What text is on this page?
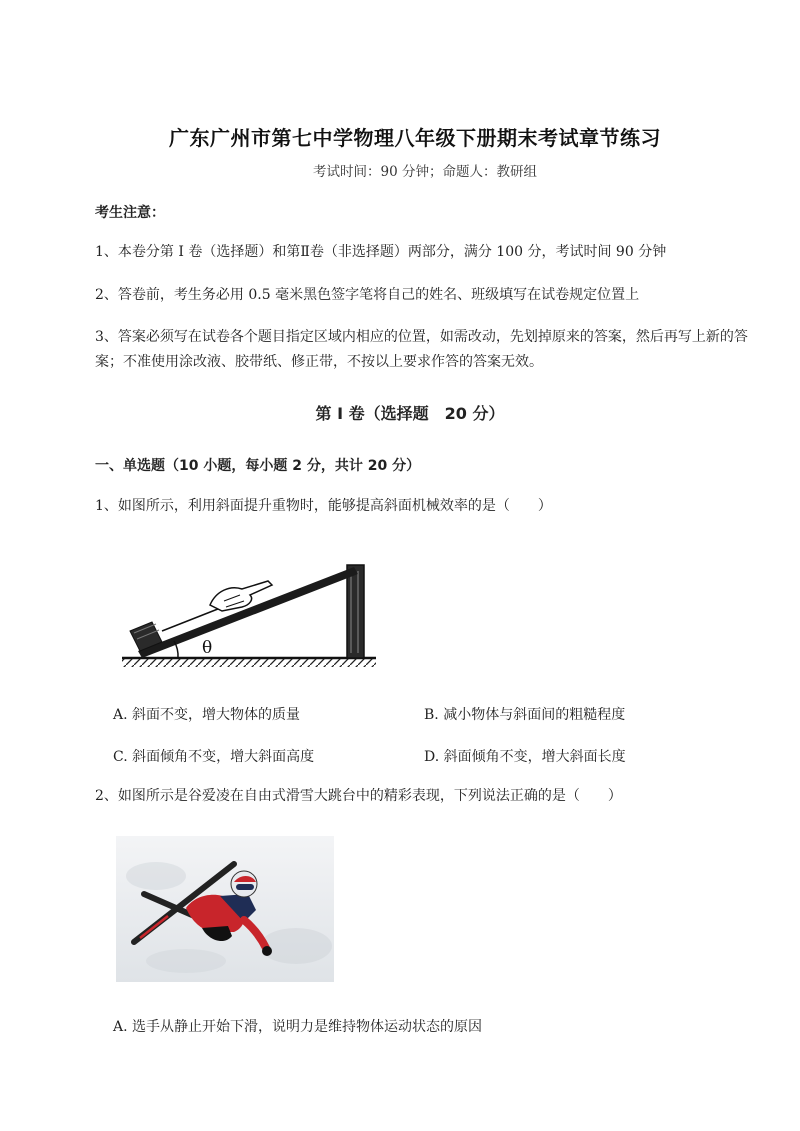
广东广州市第七中学物理八年级下册期末考试章节练习
考试时间：90 分钟；命题人：教研组
考生注意：
1、本卷分第 I 卷（选择题）和第Ⅱ卷（非选择题）两部分，满分 100 分，考试时间 90 分钟
2、答卷前，考生务必用 0.5 毫米黑色签字笔将自己的姓名、班级填写在试卷规定位置上
3、答案必须写在试卷各个题目指定区域内相应的位置，如需改动，先划掉原来的答案，然后再写上新的答案；不准使用涂改液、胶带纸、修正带，不按以上要求作答的答案无效。
第 I 卷（选择题　20 分）
一、单选题（10 小题，每小题 2 分，共计 20 分）
1、如图所示，利用斜面提升重物时，能够提高斜面机械效率的是（　　）
θ
A. 斜面不变，增大物体的质量	B. 减小物体与斜面间的粗糙程度
C. 斜面倾角不变，增大斜面高度	D. 斜面倾角不变，增大斜面长度
2、如图所示是谷爱凌在自由式滑雪大跳台中的精彩表现，下列说法正确的是（　　）
A. 选手从静止开始下滑，说明力是维持物体运动状态的原因
